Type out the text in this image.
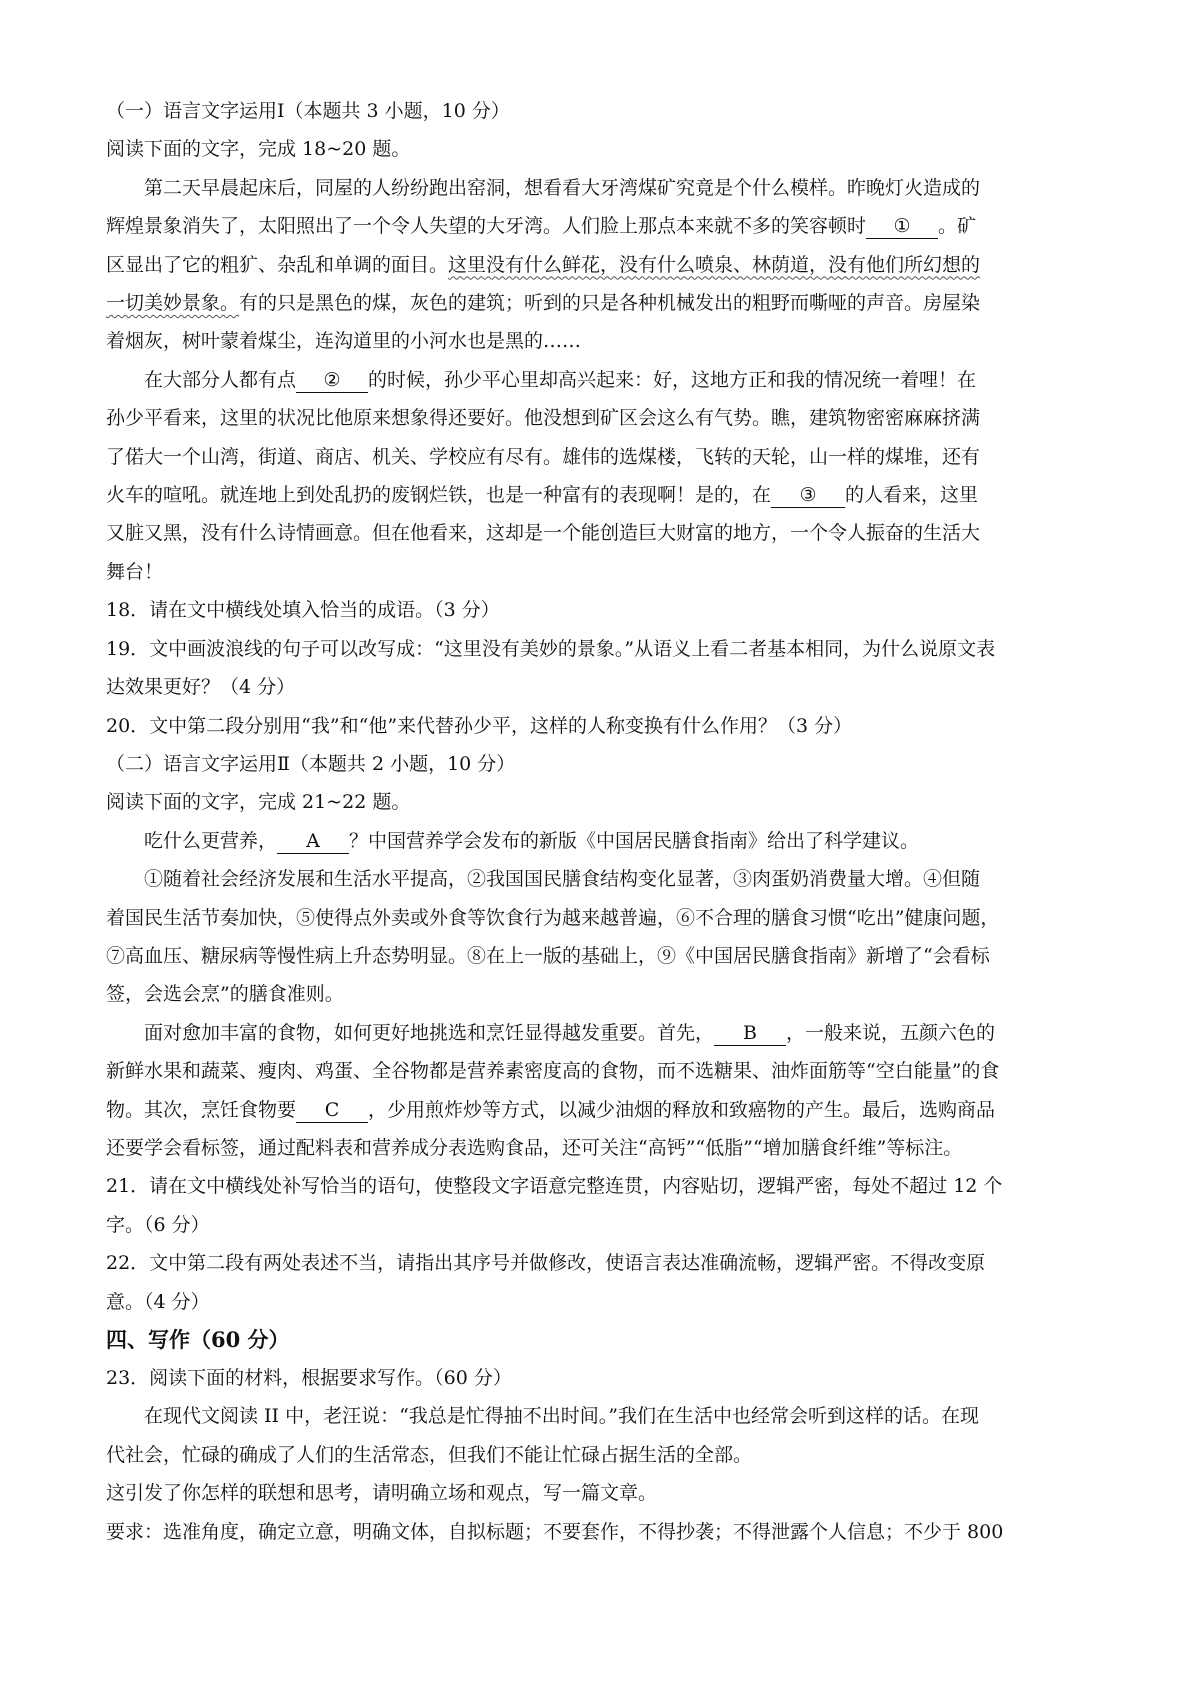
（一）语言文字运用Ⅰ（本题共 3 小题，10 分）
阅读下面的文字，完成 18~20 题。
第二天早晨起床后，同屋的人纷纷跑出窑洞，想看看大牙湾煤矿究竟是个什么模样。昨晚灯火造成的
辉煌景象消失了，太阳照出了一个令人失望的大牙湾。人们脸上那点本来就不多的笑容顿时 ① 。矿
区显出了它的粗犷、杂乱和单调的面目。这里没有什么鲜花，没有什么喷泉、林荫道，没有他们所幻想的
一切美妙景象。有的只是黑色的煤，灰色的建筑；听到的只是各种机械发出的粗野而嘶哑的声音。房屋染
着烟灰，树叶蒙着煤尘，连沟道里的小河水也是黑的……
在大部分人都有点 ② 的时候，孙少平心里却高兴起来：好，这地方正和我的情况统一着哩！在
孙少平看来，这里的状况比他原来想象得还要好。他没想到矿区会这么有气势。瞧，建筑物密密麻麻挤满
了偌大一个山湾，街道、商店、机关、学校应有尽有。雄伟的选煤楼，飞转的天轮，山一样的煤堆，还有
火车的喧吼。就连地上到处乱扔的废钢烂铁，也是一种富有的表现啊！是的，在 ③ 的人看来，这里
又脏又黑，没有什么诗情画意。但在他看来，这却是一个能创造巨大财富的地方，一个令人振奋的生活大
舞台！
18．请在文中横线处填入恰当的成语。（3 分）
19．文中画波浪线的句子可以改写成：“这里没有美妙的景象。”从语义上看二者基本相同，为什么说原文表
达效果更好？（4 分）
20．文中第二段分别用“我”和“他”来代替孙少平，这样的人称变换有什么作用？（3 分）
（二）语言文字运用Ⅱ（本题共 2 小题，10 分）
阅读下面的文字，完成 21~22 题。
吃什么更营养， A ？中国营养学会发布的新版《中国居民膳食指南》给出了科学建议。
①随着社会经济发展和生活水平提高，②我国国民膳食结构变化显著，③肉蛋奶消费量大增。④但随
着国民生活节奏加快，⑤使得点外卖或外食等饮食行为越来越普遍，⑥不合理的膳食习惯“吃出”健康问题，
⑦高血压、糖尿病等慢性病上升态势明显。⑧在上一版的基础上，⑨《中国居民膳食指南》新增了“会看标
签，会选会烹”的膳食准则。
面对愈加丰富的食物，如何更好地挑选和烹饪显得越发重要。首先， B ，一般来说，五颜六色的
新鲜水果和蔬菜、瘦肉、鸡蛋、全谷物都是营养素密度高的食物，而不选糖果、油炸面筋等“空白能量”的食
物。其次，烹饪食物要 C ，少用煎炸炒等方式，以减少油烟的释放和致癌物的产生。最后，选购商品
还要学会看标签，通过配料表和营养成分表选购食品，还可关注“高钙”“低脂”“增加膳食纤维”等标注。
21．请在文中横线处补写恰当的语句，使整段文字语意完整连贯，内容贴切，逻辑严密，每处不超过 12 个
字。（6 分）
22．文中第二段有两处表述不当，请指出其序号并做修改，使语言表达准确流畅，逻辑严密。不得改变原
意。（4 分）
四、写作（60 分）
23．阅读下面的材料，根据要求写作。（60 分）
在现代文阅读 II 中，老汪说：“我总是忙得抽不出时间。”我们在生活中也经常会听到这样的话。在现
代社会，忙碌的确成了人们的生活常态，但我们不能让忙碌占据生活的全部。
这引发了你怎样的联想和思考，请明确立场和观点，写一篇文章。
要求：选准角度，确定立意，明确文体，自拟标题；不要套作，不得抄袭；不得泄露个人信息；不少于 800
